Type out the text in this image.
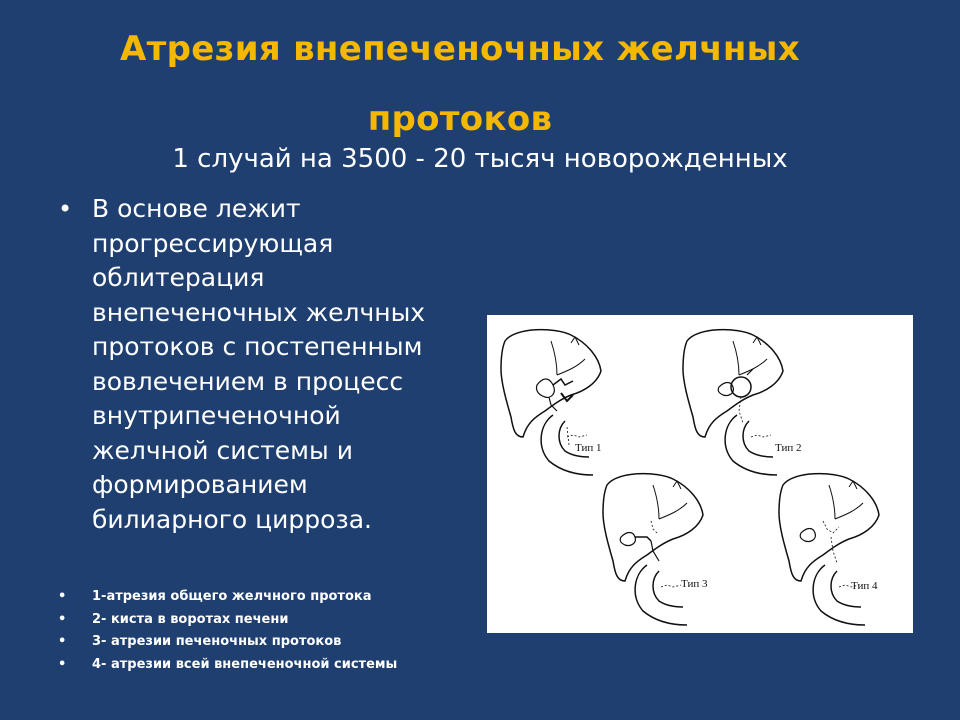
Атрезия внепеченочных желчных
протоков
1 случай на 3500 - 20 тысяч новорожденных
• В основе лежит
прогрессирующая
облитерация
внепеченочных желчных
протоков с постепенным
вовлечением в процесс
внутрипеченочной
желчной системы и
формированием
билиарного цирроза.
• 1-атрезия общего желчного протока
• 2- киста в воротах печени
• 3- атрезии печеночных протоков
• 4- атрезии всей внепеченочной системы
Тип 1	Тип 2
Тип 3	Тип 4
